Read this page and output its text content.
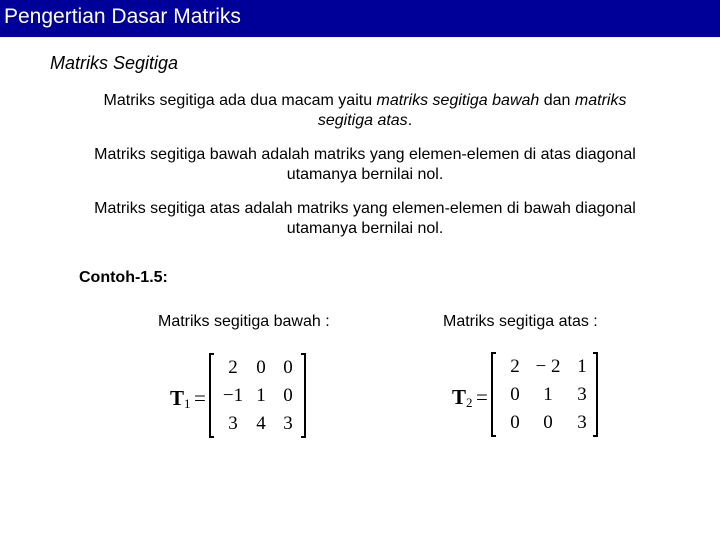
Pengertian Dasar Matriks
Matriks Segitiga
Matriks segitiga ada dua macam yaitu matriks segitiga bawah dan matriks segitiga atas.
Matriks segitiga bawah adalah matriks yang elemen-elemen di atas diagonal utamanya bernilai nol.
Matriks segitiga atas adalah matriks yang elemen-elemen di bawah diagonal utamanya bernilai nol.
Contoh-1.5:
Matriks segitiga bawah :	Matriks segitiga atas :
$T_1$ =
2 0 0
−1 1 0
3 4 3
$T_2$ =
2 − 2 1
0	1	3
0	0	3
